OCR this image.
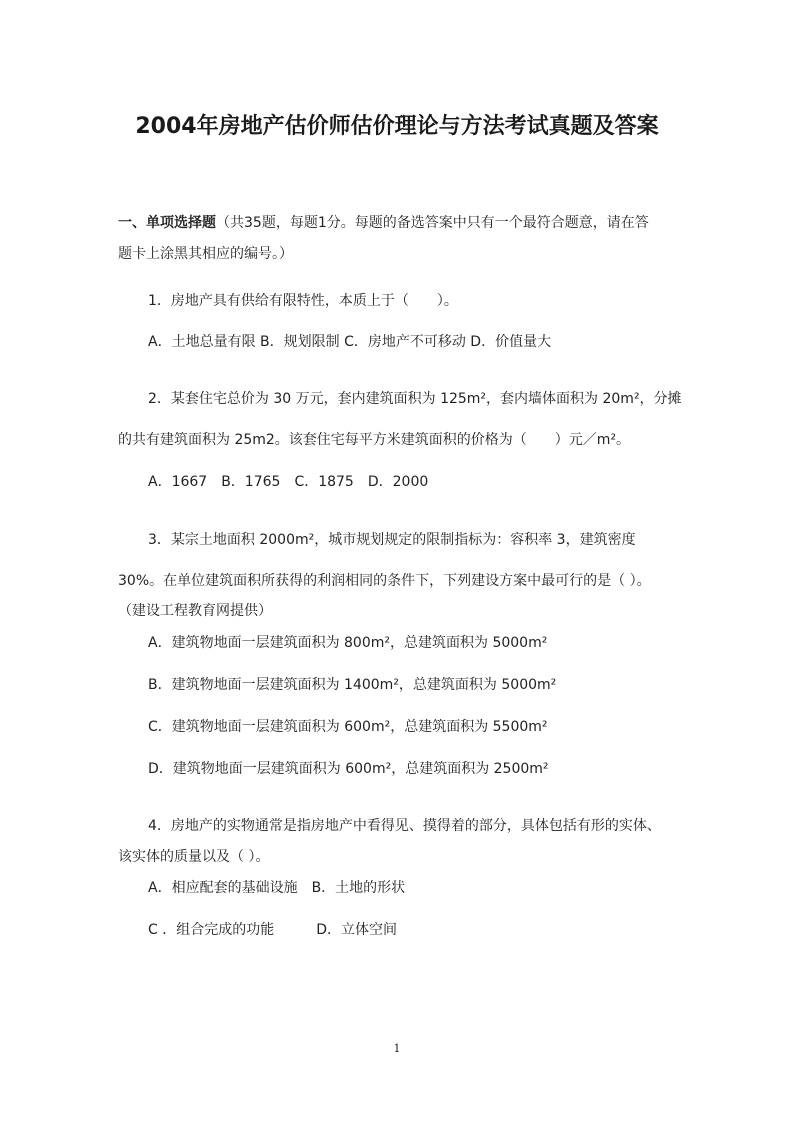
2004年房地产估价师估价理论与方法考试真题及答案
一、单项选择题（共35题，每题1分。每题的备选答案中只有一个最符合题意，请在答
题卡上涂黑其相应的编号。）
1．房地产具有供给有限特性，本质上于（　　）。
A．土地总量有限 B．规划限制 C．房地产不可移动 D．价值量大
2．某套住宅总价为 30 万元，套内建筑面积为 125m²，套内墙体面积为 20m²，分摊
的共有建筑面积为 25m2。该套住宅每平方米建筑面积的价格为（　　）元／m²。
A．1667　B．1765　C．1875　D．2000
3．某宗土地面积 2000m²，城市规划规定的限制指标为：容积率 3，建筑密度
30%。在单位建筑面积所获得的利润相同的条件下，下列建设方案中最可行的是（ ）。
（建设工程教育网提供）
A．建筑物地面一层建筑面积为 800m²，总建筑面积为 5000m²
B．建筑物地面一层建筑面积为 1400m²，总建筑面积为 5000m²
C．建筑物地面一层建筑面积为 600m²，总建筑面积为 5500m²
D．建筑物地面一层建筑面积为 600m²，总建筑面积为 2500m²
4．房地产的实物通常是指房地产中看得见、摸得着的部分，具体包括有形的实体、
该实体的质量以及（ ）。
A．相应配套的基础设施　B．土地的形状
C ．组合完成的功能　　　D．立体空间
1
